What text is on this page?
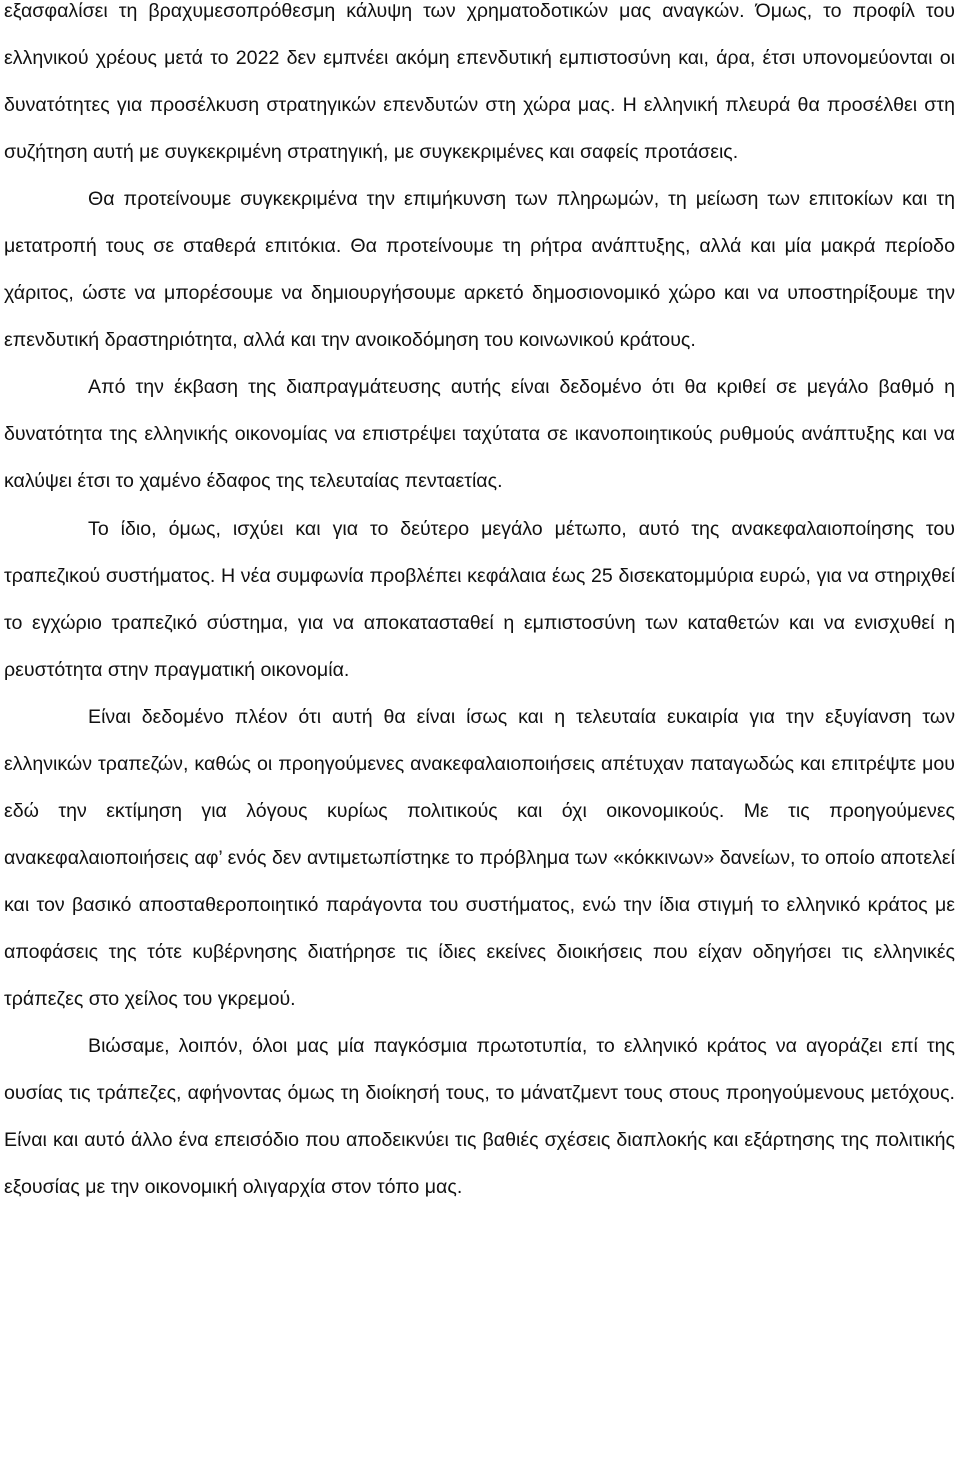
εξασφαλίσει τη βραχυμεσοπρόθεσμη κάλυψη των χρηματοδοτικών μας αναγκών. Όμως, το προφίλ του ελληνικού χρέους μετά το 2022 δεν εμπνέει ακόμη επενδυτική εμπιστοσύνη και, άρα, έτσι υπονομεύονται οι δυνατότητες για προσέλκυση στρατηγικών επενδυτών στη χώρα μας. Η ελληνική πλευρά θα προσέλθει στη συζήτηση αυτή με συγκεκριμένη στρατηγική, με συγκεκριμένες και σαφείς προτάσεις.

Θα προτείνουμε συγκεκριμένα την επιμήκυνση των πληρωμών, τη μείωση των επιτοκίων και τη μετατροπή τους σε σταθερά επιτόκια. Θα προτείνουμε τη ρήτρα ανάπτυξης, αλλά και μία μακρά περίοδο χάριτος, ώστε να μπορέσουμε να δημιουργήσουμε αρκετό δημοσιονομικό χώρο και να υποστηρίξουμε την επενδυτική δραστηριότητα, αλλά και την ανοικοδόμηση του κοινωνικού κράτους.

Από την έκβαση της διαπραγμάτευσης αυτής είναι δεδομένο ότι θα κριθεί σε μεγάλο βαθμό η δυνατότητα της ελληνικής οικονομίας να επιστρέψει ταχύτατα σε ικανοποιητικούς ρυθμούς ανάπτυξης και να καλύψει έτσι το χαμένο έδαφος της τελευταίας πενταετίας.

Το ίδιο, όμως, ισχύει και για το δεύτερο μεγάλο μέτωπο, αυτό της ανακεφαλαιοποίησης του τραπεζικού συστήματος. Η νέα συμφωνία προβλέπει κεφάλαια έως 25 δισεκατομμύρια ευρώ, για να στηριχθεί το εγχώριο τραπεζικό σύστημα, για να αποκατασταθεί η εμπιστοσύνη των καταθετών και να ενισχυθεί η ρευστότητα στην πραγματική οικονομία.

Είναι δεδομένο πλέον ότι αυτή θα είναι ίσως και η τελευταία ευκαιρία για την εξυγίανση των ελληνικών τραπεζών, καθώς οι προηγούμενες ανακεφαλαιοποιήσεις απέτυχαν παταγωδώς και επιτρέψτε μου εδώ την εκτίμηση για λόγους κυρίως πολιτικούς και όχι οικονομικούς. Με τις προηγούμενες ανακεφαλαιοποιήσεις αφ’ ενός δεν αντιμετωπίστηκε το πρόβλημα των «κόκκινων» δανείων, το οποίο αποτελεί και τον βασικό αποσταθεροποιητικό παράγοντα του συστήματος, ενώ την ίδια στιγμή το ελληνικό κράτος με αποφάσεις της τότε κυβέρνησης διατήρησε τις ίδιες εκείνες διοικήσεις που είχαν οδηγήσει τις ελληνικές τράπεζες στο χείλος του γκρεμού.

Βιώσαμε, λοιπόν, όλοι μας μία παγκόσμια πρωτοτυπία, το ελληνικό κράτος να αγοράζει επί της ουσίας τις τράπεζες, αφήνοντας όμως τη διοίκησή τους, το μάνατζμεντ τους στους προηγούμενους μετόχους. Είναι και αυτό άλλο ένα επεισόδιο που αποδεικνύει τις βαθιές σχέσεις διαπλοκής και εξάρτησης της πολιτικής εξουσίας με την οικονομική ολιγαρχία στον τόπο μας.
